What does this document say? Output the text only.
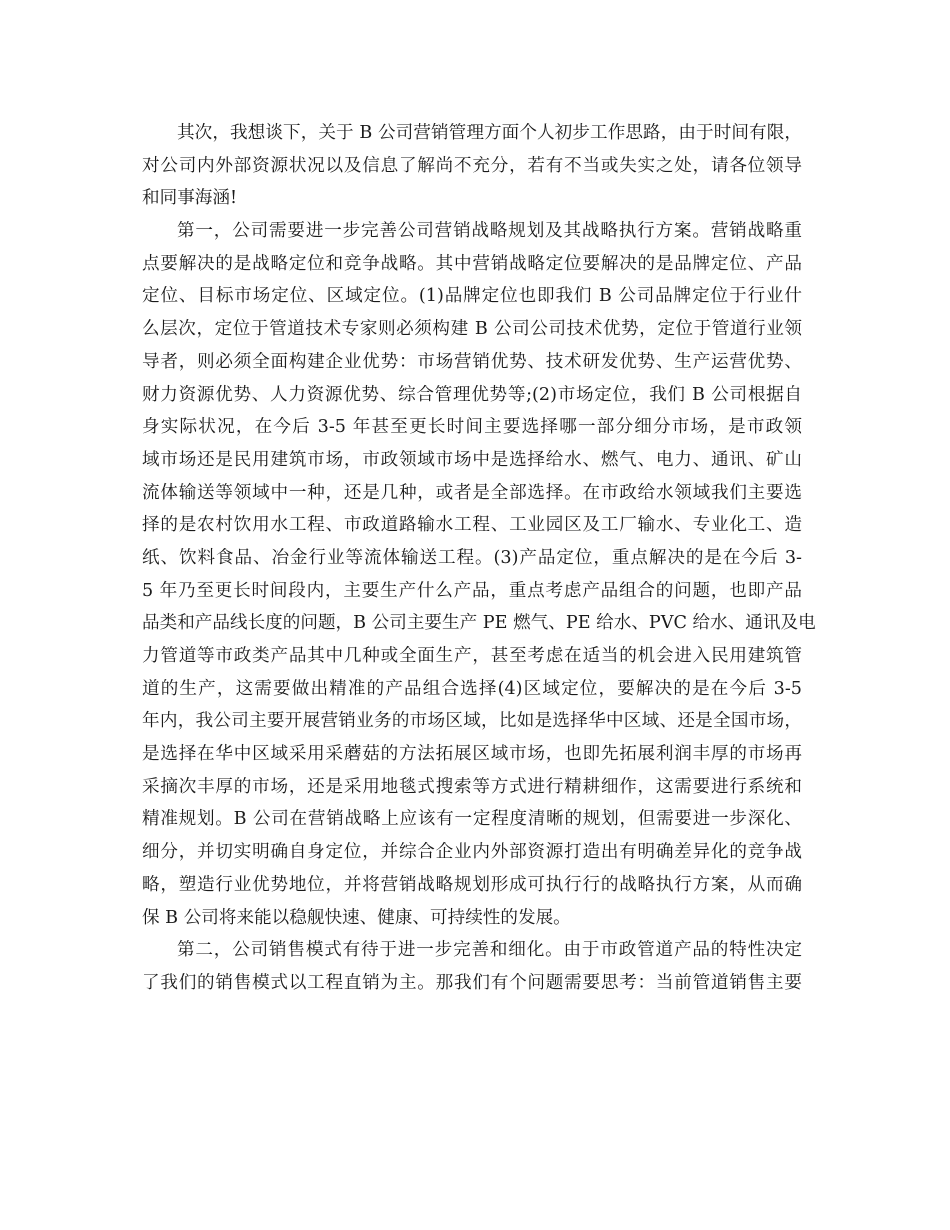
其次，我想谈下，关于 B 公司营销管理方面个人初步工作思路，由于时间有限，
对公司内外部资源状况以及信息了解尚不充分，若有不当或失实之处，请各位领导
和同事海涵!
第一，公司需要进一步完善公司营销战略规划及其战略执行方案。营销战略重
点要解决的是战略定位和竞争战略。其中营销战略定位要解决的是品牌定位、产品
定位、目标市场定位、区域定位。(1)品牌定位也即我们 B 公司品牌定位于行业什
么层次，定位于管道技术专家则必须构建 B 公司公司技术优势，定位于管道行业领
导者，则必须全面构建企业优势：市场营销优势、技术研发优势、生产运营优势、
财力资源优势、人力资源优势、综合管理优势等;(2)市场定位，我们 B 公司根据自
身实际状况，在今后 3-5 年甚至更长时间主要选择哪一部分细分市场，是市政领
域市场还是民用建筑市场，市政领域市场中是选择给水、燃气、电力、通讯、矿山
流体输送等领域中一种，还是几种，或者是全部选择。在市政给水领域我们主要选
择的是农村饮用水工程、市政道路输水工程、工业园区及工厂输水、专业化工、造
纸、饮料食品、冶金行业等流体输送工程。(3)产品定位，重点解决的是在今后 3-
5 年乃至更长时间段内，主要生产什么产品，重点考虑产品组合的问题，也即产品
品类和产品线长度的问题，B 公司主要生产 PE 燃气、PE 给水、PVC 给水、通讯及电
力管道等市政类产品其中几种或全面生产，甚至考虑在适当的机会进入民用建筑管
道的生产，这需要做出精准的产品组合选择(4)区域定位，要解决的是在今后 3-5
年内，我公司主要开展营销业务的市场区域，比如是选择华中区域、还是全国市场，
是选择在华中区域采用采蘑菇的方法拓展区域市场，也即先拓展利润丰厚的市场再
采摘次丰厚的市场，还是采用地毯式搜索等方式进行精耕细作，这需要进行系统和
精准规划。B 公司在营销战略上应该有一定程度清晰的规划，但需要进一步深化、
细分，并切实明确自身定位，并综合企业内外部资源打造出有明确差异化的竞争战
略，塑造行业优势地位，并将营销战略规划形成可执行行的战略执行方案，从而确
保 B 公司将来能以稳舰快速、健康、可持续性的发展。
第二，公司销售模式有待于进一步完善和细化。由于市政管道产品的特性决定
了我们的销售模式以工程直销为主。那我们有个问题需要思考：当前管道销售主要
